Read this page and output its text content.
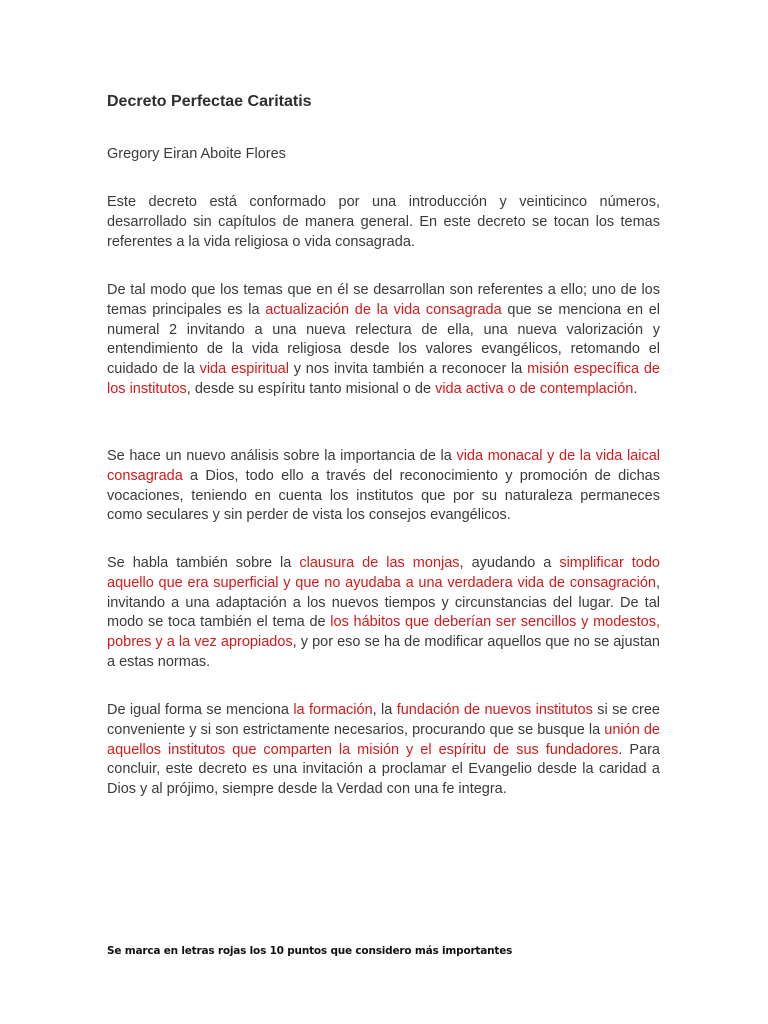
Decreto Perfectae Caritatis

Gregory Eiran Aboite Flores

Este decreto está conformado por una introducción y veinticinco números, desarrollado sin capítulos de manera general. En este decreto se tocan los temas referentes a la vida religiosa o vida consagrada.

De tal modo que los temas que en él se desarrollan son referentes a ello; uno de los temas principales es la actualización de la vida consagrada que se menciona en el numeral 2 invitando a una nueva relectura de ella, una nueva valorización y entendimiento de la vida religiosa desde los valores evangélicos, retomando el cuidado de la vida espiritual y nos invita también a reconocer la misión específica de los institutos, desde su espíritu tanto misional o de vida activa o de contemplación.

Se hace un nuevo análisis sobre la importancia de la vida monacal y de la vida laical consagrada a Dios, todo ello a través del reconocimiento y promoción de dichas vocaciones, teniendo en cuenta los institutos que por su naturaleza permaneces como seculares y sin perder de vista los consejos evangélicos.

Se habla también sobre la clausura de las monjas, ayudando a simplificar todo aquello que era superficial y que no ayudaba a una verdadera vida de consagración, invitando a una adaptación a los nuevos tiempos y circunstancias del lugar. De tal modo se toca también el tema de los hábitos que deberían ser sencillos y modestos, pobres y a la vez apropiados, y por eso se ha de modificar aquellos que no se ajustan a estas normas.

De igual forma se menciona la formación, la fundación de nuevos institutos si se cree conveniente y si son estrictamente necesarios, procurando que se busque la unión de aquellos institutos que comparten la misión y el espíritu de sus fundadores. Para concluir, este decreto es una invitación a proclamar el Evangelio desde la caridad a Dios y al prójimo, siempre desde la Verdad con una fe integra.

Se marca en letras rojas los 10 puntos que considero más importantes
